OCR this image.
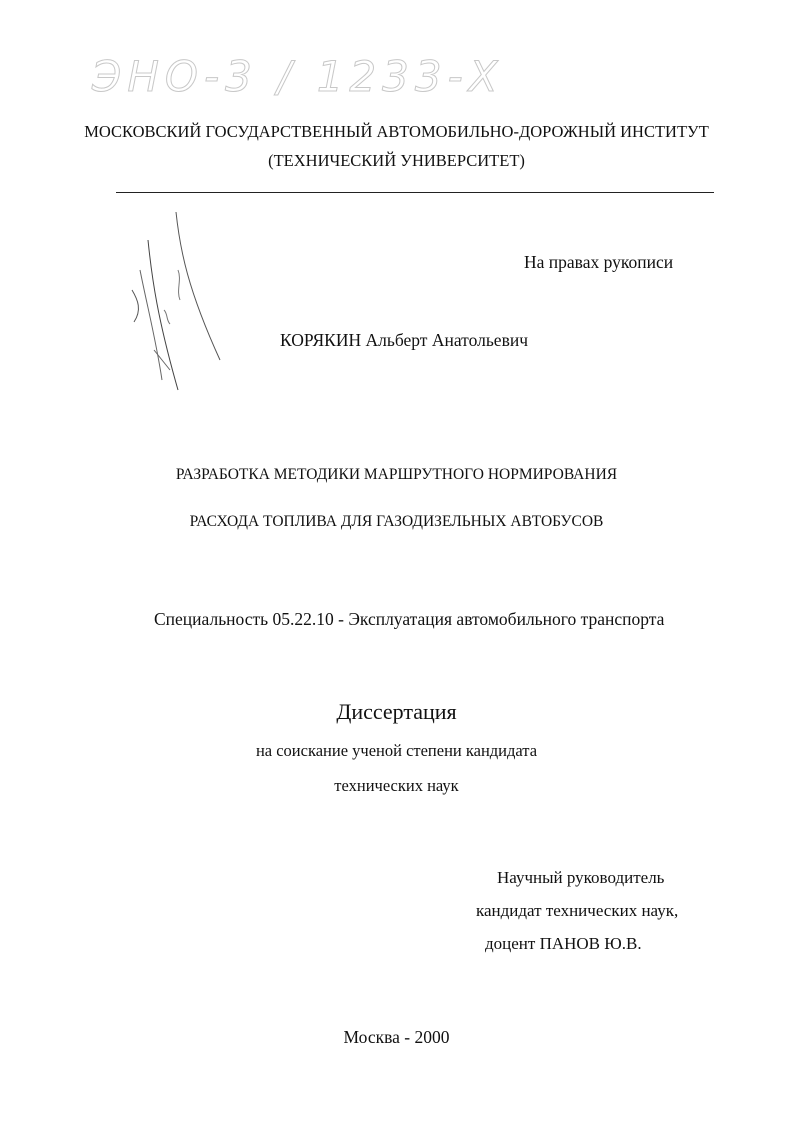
ЭНО-3 / 1233-Х
МОСКОВСКИЙ ГОСУДАРСТВЕННЫЙ АВТОМОБИЛЬНО-ДОРОЖНЫЙ ИНСТИТУТ
(ТЕХНИЧЕСКИЙ УНИВЕРСИТЕТ)
На правах рукописи
КОРЯКИН Альберт Анатольевич
РАЗРАБОТКА МЕТОДИКИ МАРШРУТНОГО НОРМИРОВАНИЯ
РАСХОДА ТОПЛИВА ДЛЯ ГАЗОДИЗЕЛЬНЫХ АВТОБУСОВ
Специальность 05.22.10 - Эксплуатация автомобильного транспорта
Диссертация
на соискание ученой степени кандидата
технических наук
Научный руководитель
кандидат технических наук,
доцент ПАНОВ Ю.В.
Москва - 2000
